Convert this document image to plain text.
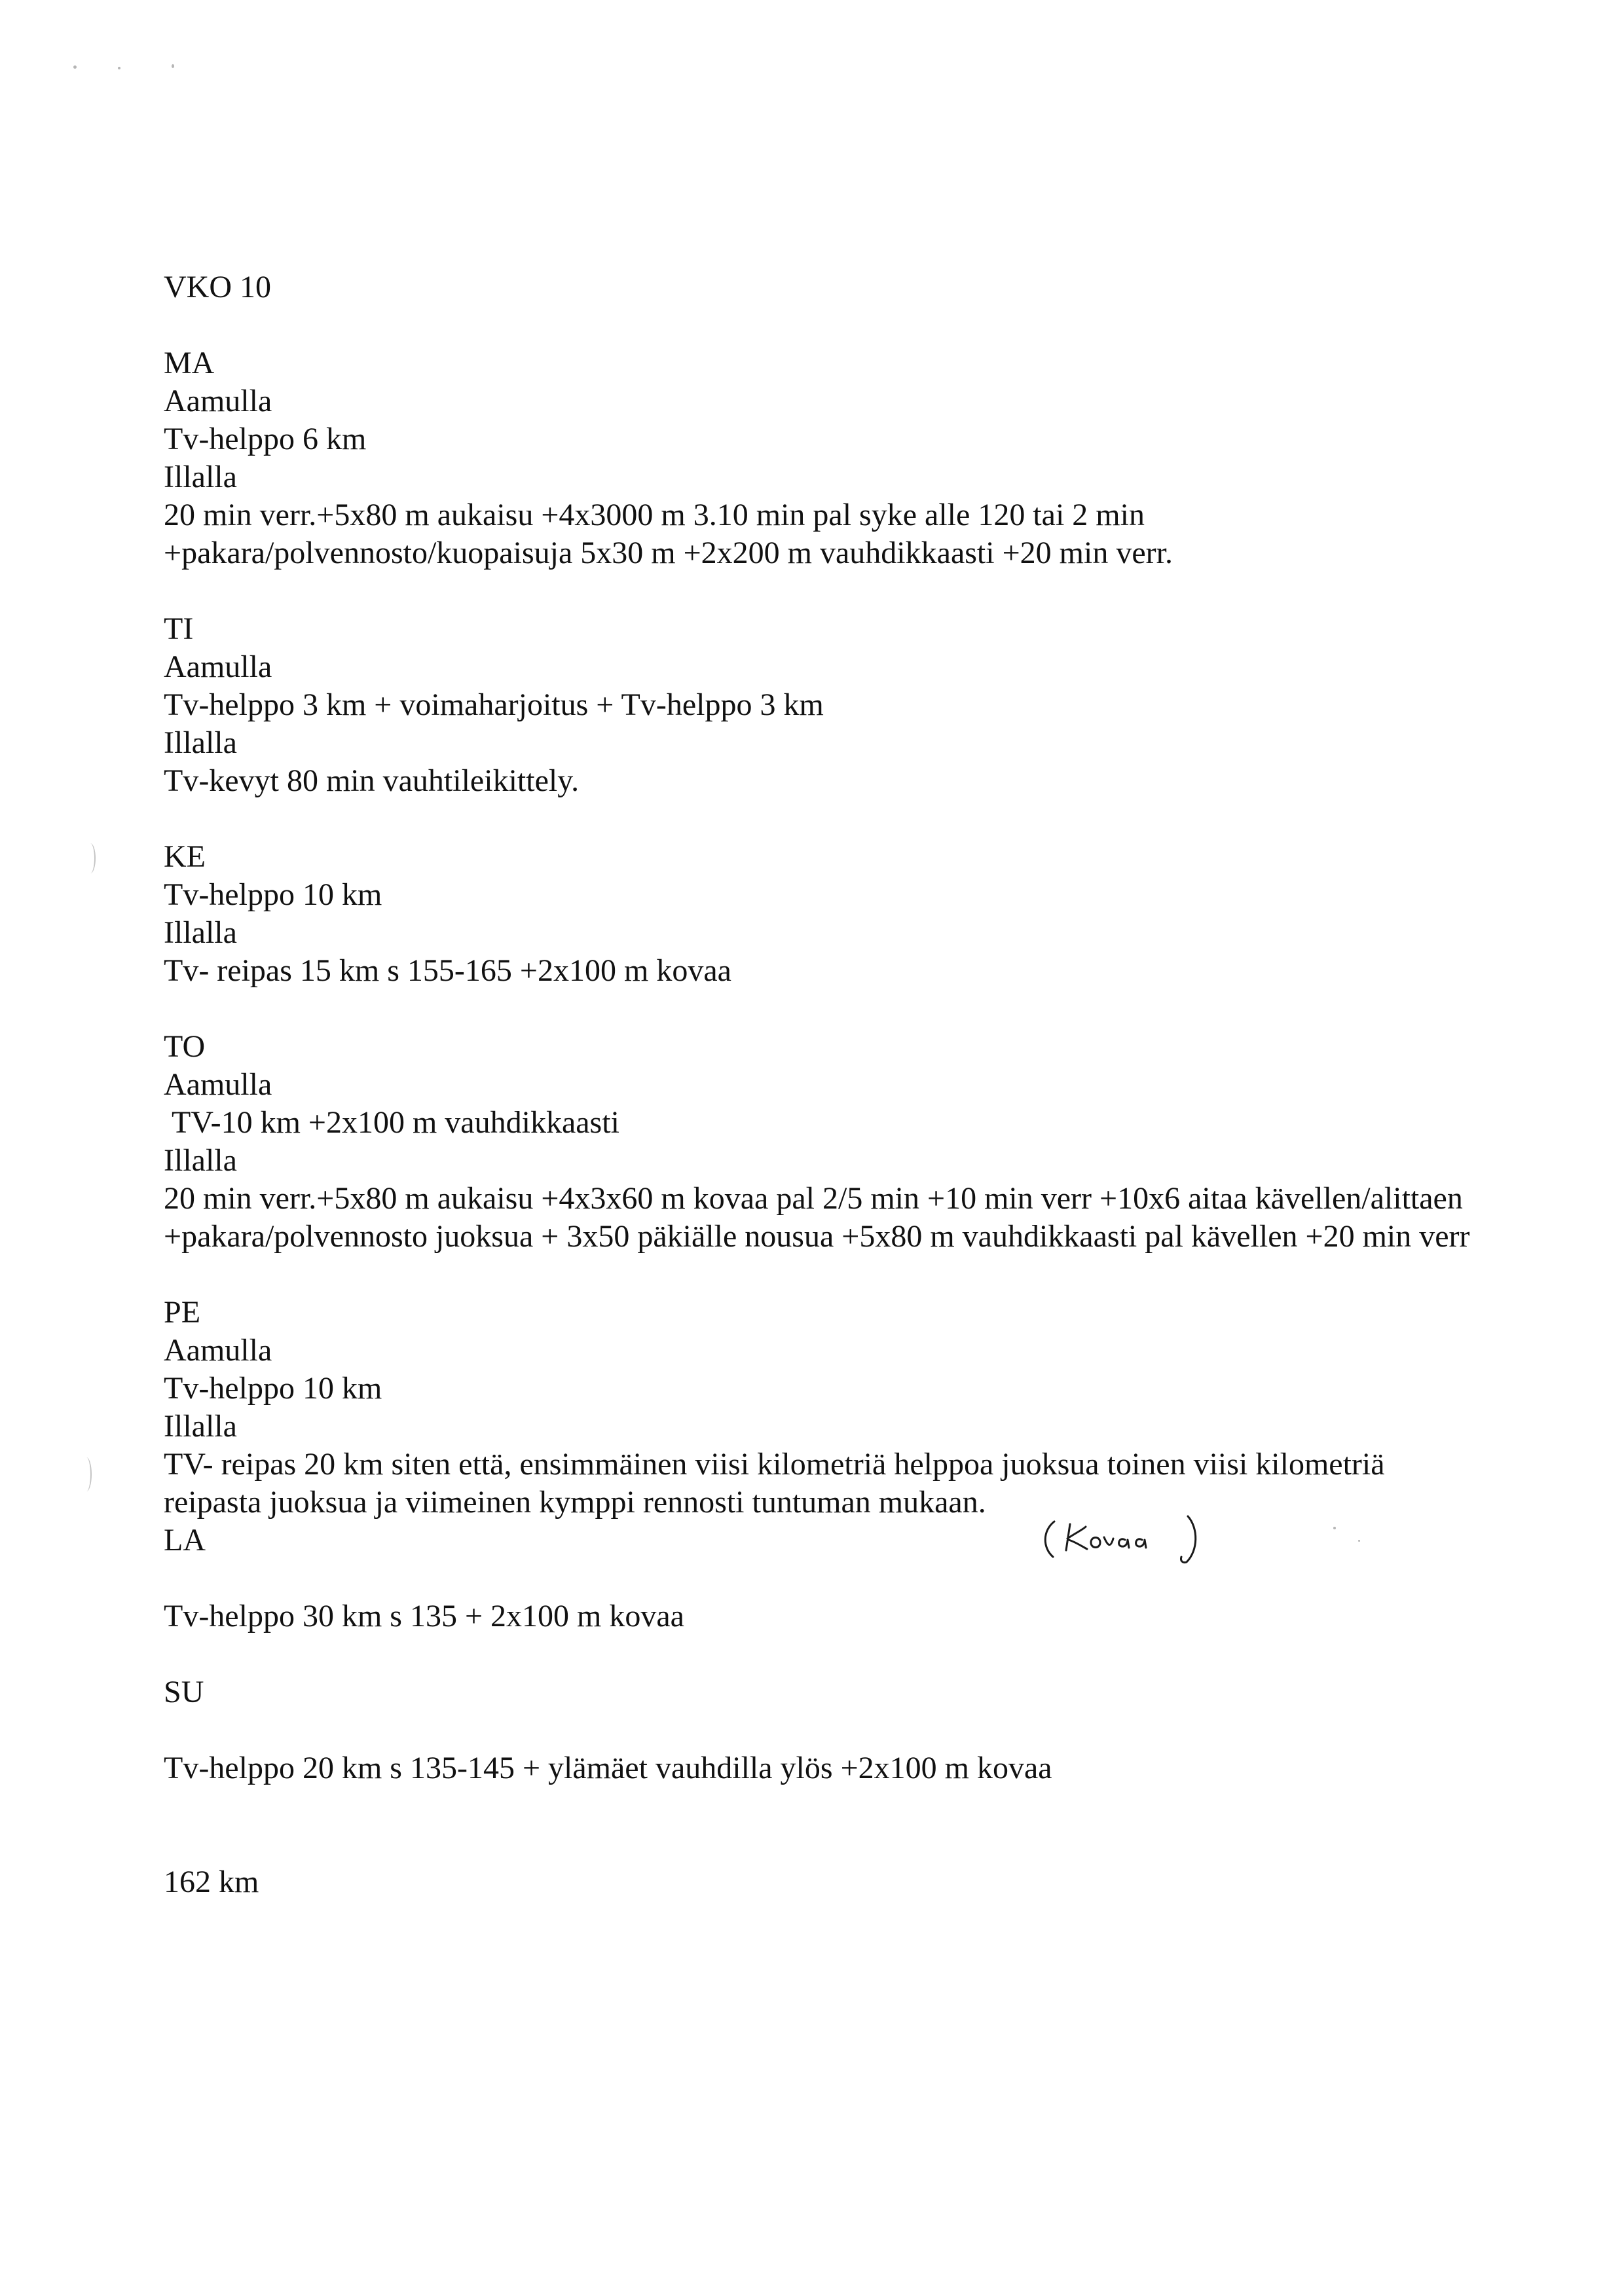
VKO 10
MA
Aamulla
Tv-helppo 6 km
Illalla
20 min verr.+5x80 m aukaisu +4x3000 m 3.10 min pal syke alle 120 tai 2 min
+pakara/polvennosto/kuopaisuja 5x30 m +2x200 m vauhdikkaasti +20 min verr.
TI
Aamulla
Tv-helppo 3 km + voimaharjoitus + Tv-helppo 3 km
Illalla
Tv-kevyt 80 min vauhtileikittely.
KE
Tv-helppo 10 km
Illalla
Tv- reipas 15 km s 155-165 +2x100 m kovaa
TO
Aamulla
TV-10 km +2x100 m vauhdikkaasti
Illalla
20 min verr.+5x80 m aukaisu +4x3x60 m kovaa pal 2/5 min +10 min verr +10x6 aitaa kävellen/alittaen +pakara/polvennosto juoksua + 3x50 päkiälle nousua +5x80 m vauhdikkaasti pal kävellen +20 min verr
PE
Aamulla
Tv-helppo 10 km
Illalla
TV- reipas 20 km siten että, ensimmäinen viisi kilometriä helppoa juoksua toinen viisi kilometriä
reipasta juoksua ja viimeinen kymppi rennosti tuntuman mukaan.
LA
Tv-helppo 30 km s 135 + 2x100 m kovaa
SU
Tv-helppo 20 km s 135-145 + ylämäet vauhdilla ylös +2x100 m kovaa
162 km
